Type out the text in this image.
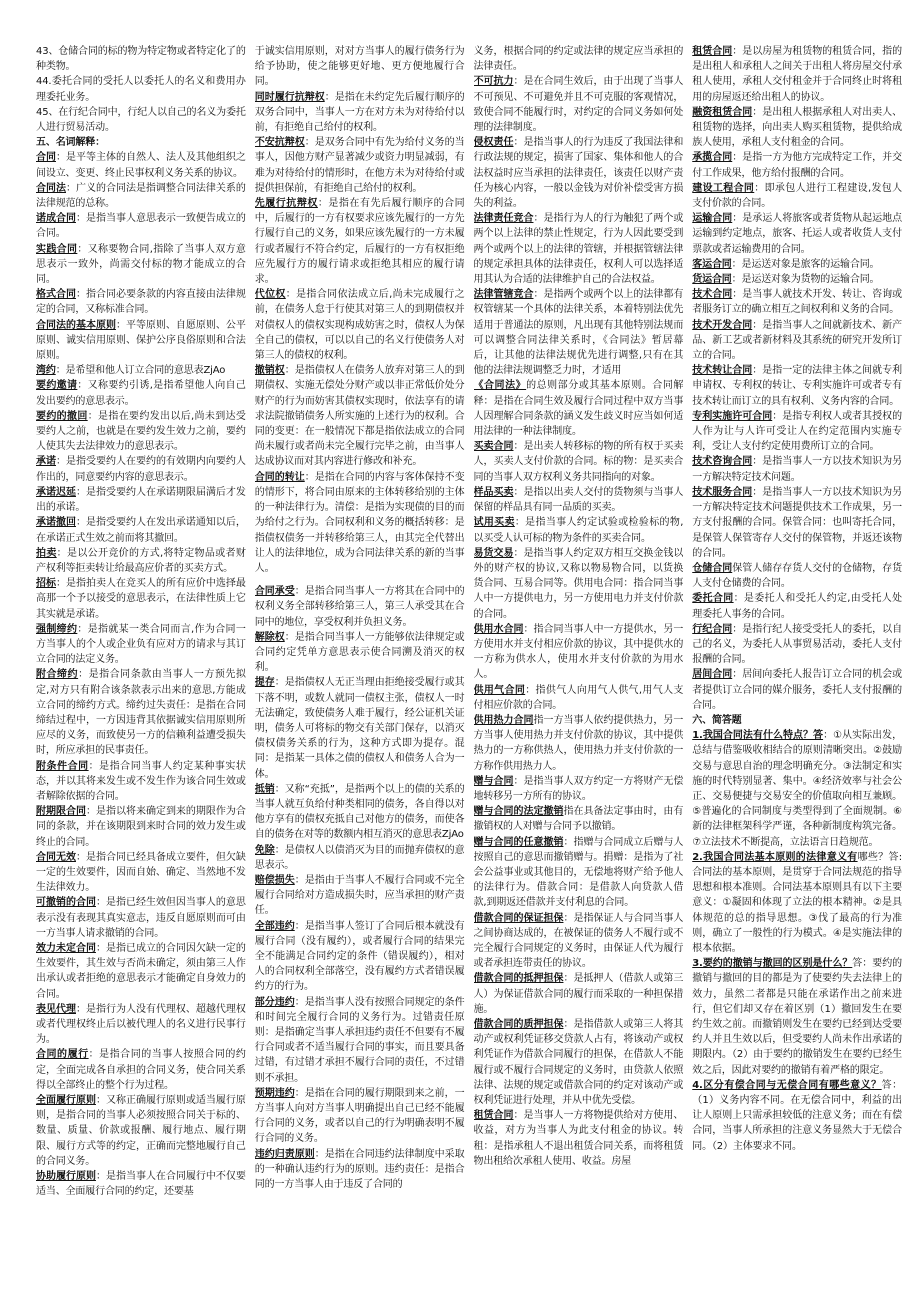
43、仓储合同的标的物为特定物或者特定化了的种类物。

44.委托合同的受托人以委托人的名义和费用办理委托业务。

45、在行纪合同中，行纪人以自己的名义为委托人进行贸易活动。

五、名词解释：

合同：是平等主体的自然人、法人及其他组织之间设立、变更、终止民事权利义务关系的协议。

合同法：广义的合同法是指调整合同法律关系的法律规范的总称。

诺成合同：是指当事人意思表示一致便告成立的合同。

实践合同：又称要物合同,指除了当事人双方意思表示一致外，尚需交付标的物才能成立的合同。

格式合同：指合同必要条款的内容直接由法律规定的合同，又称标准合同。

合同法的基本原则：平等原则、自愿原则、公平原则、诚实信用原则、保护公序良俗原则和合法原则。

湾约：是希望和他人订立合同的意思表ZjAo

要约邀请：又称要约引诱,是指希望他人向自己发出要约的意思表示。

要约的撤回：是指在要约发出以后,尚未到达受要约人之前，也就是在要约发生效力之前，要约人使其失去法律效力的意思表示。

承诺：是指受要约人在要约的有效期内向要约人作出的，同意要约内容的意思表示。

承诺迟延：是指受要约人在承诺期限届满后才发出的承诺。

承诺撤回：是指受要约人在发出承诺通知以后，在承诺正式生效之前而将其撤回。

拍卖：是以公开竞价的方式,将特定物品或者财产权利等拒卖转让给最高应价者的买卖方式。

招标：是指拍卖人在竞买人的所有应价中选择最高那一个予以接受的意思表示，在法律性质上它其实就是承诺。

强制缔约：是指就某一类合同而言,作为合同一方当事人的个人或企业负有应对方的请求与其订立合同的法定义务。

附合缔约：是指合同条款由当事人一方预先拟定,对方只有附合该条款表示出来的意思,方能成立合同的缔约方式。缔约过失责任：是指在合同缔结过程中，一方因违背其依据诚实信用原则所应尽的义务，而致使另一方的信赖利益遭受损失时，所应承担的民事责任。

附条件合同：是指合同当事人约定某种事实状态，并以其将来发生或不发生作为该合同生效或者解除依据的合同。

附期限合同：是指以将来确定到来的期限作为合同的条款，并在该期限到来时合同的效力发生或终止的合同。

合同无效：是指合同已经具备成立要件，但欠缺一定的生效要件，因而自始、确定、当然地不发生法律效力。

可撤销的合同：是指已经生效但因当事人的意思表示没有表现其真实意志，违反自愿原则而可由一方当事人请求撤销的合同。

效力未定合同：是指已成立的合同因欠缺一定的生效要件，其生效与否尚未确定，须由第三人作出承认或者拒绝的意思表示才能确定自身效力的合同。

表见代理：是指行为人没有代理权、超越代理权或者代理权终止后以被代理人的名义进行民事行为。

合同的履行：是指合同的当事人按照合同的约定，全面完成各自承担的合同义务，使合同关系得以全部终止的整个行为过程。

全面履行原则：又称正确履行原则或适当履行原则，是指合同的当事人必须按照合同关于标的、数量、质量、价款或报酬、履行地点、履行期限、履行方式等的约定，正确而完整地履行自己的合同义务。

协助履行原则：是指当事人在合同履行中不仅要适当、全面履行合同的约定，还要基

于诚实信用原则，对对方当事人的履行债务行为给予协助，使之能够更好地、更方便地履行合同。

同时履行抗辩权：是指在未约定先后履行顺序的双务合同中，当事人一方在对方未为对待给付以前，有拒绝自己给付的权利。

不安抗辩权：是双务合同中有先为给付义务的当事人，因他方财产显著减少或资力明显减弱，有难为对待给付的情形时，在他方未为对待给付或提供担保前，有拒绝自己给付的权利。

先履行抗辩权：是指在有先后履行顺序的合同中，后履行的一方有权要求应该先履行的一方先行履行自己的义务，如果应该先履行的一方未履行或者履行不符合约定，后履行的一方有权拒绝应先履行方的履行请求或拒绝其相应的履行请求。

代位权：是指合同依法成立后,尚未完成履行之前，在债务人怠于行使其对第三人的到期债权并对债权人的债权实现构成妨害之时，债权人为保全自己的债权，可以以自己的名义行使债务人对第三人的债权的权利。

撤销权：是指债权人在债务人放弃对第三人的到期债权、实施无偿处分财产或以非正常低价处分财产的行为而妨害其债权实现时，依法享有的请求法院撤销债务人所实施的上述行为的权利。合同的变更：在一般情况下都是指依法成立的合同尚未履行或者尚未完全履行完毕之前，由当事人达成协议而对其内容进行修改和补充。

合同的转让：是指在合同的内容与客体保持不变的情形下，将合同由原来的主体转移给别的主体的一种法律行为。清偿：是指为实现债的目的而为给付之行为。合同权利和义务的概括转移：是指债权债务一并转移给第三人，由其完全代替出让人的法律地位，成为合同法律关系的新的当事人。

合同承受：是指合同当事人一方将其在合同中的权利义务全部转移给第三人，第三人承受其在合同中的地位，享受权利并负担义务。

解除权：是指合同当事人一方能够依法律规定或合同约定凭单方意思表示使合同溯及消灭的权利。

提存：是指债权人无正当理由拒绝接受履行或其下落不明，或数人就同一债权主张，债权人一时无法确定，致使债务人难于履行，经公证机关证明，债务人可将标的物交有关部门保存，以消灭债权债务关系的行为，这种方式即为提存。混同：是指某一具体之债的债权人和债务人合为一体。

抵销：又称“充抵”，是指两个以上的债的关系的当事人就互负给付种类相同的债务，各自得以对他方享有的债权充抵自己对他方的债务，而使各自的债务在对等的数额内相互消灭的意思表ZjAo

免除：是债权人以债消灭为目的而抛弃债权的意思表示。

赔偿损失：是指由于当事人不履行合同或不完全履行合同给对方造成损失时，应当承担的财产责任。

全部违约：是指当事人签订了合同后根本就没有履行合同（没有履约），或者履行合同的结果完全不能满足合同约定的条件（错误履约），相对人的合同权利全部落空，没有履约方式者错误履约方的行为。

部分违约：是指当事人没有按照合同规定的条件和时间完全履行合同的义务行为。过错责任原则：是指确定当事人承担违约责任不但要有不履行合同或者不适当履行合同的事实，而且要具备过错，有过错才承担不履行合同的责任，不过错则不承担。

预期违约：是指在合同的履行期限到来之前，一方当事人向对方当事人明确提出自己已经不能履行合同的义务，或者以自己的行为明确表明不履行合同的义务。

违约归责原则：是指在合同违约法律制度中采取的一种确认违约行为的原则。违约责任：是指合同的一方当事人由于违反了合同的

义务，根据合同的约定或法律的规定应当承担的法律责任。

不可抗力：是在合同生效后，由于出现了当事人不可预见、不可避免并且不可克服的客观情况，致使合同不能履行时，对约定的合同义务如何处理的法律制度。

侵权责任：是指当事人的行为违反了我国法律和行政法规的规定，损害了国家、集体和他人的合法权益时应当承担的法律责任，该责任以财产责任为核心内容，一般以金钱为对价补偿受害方损失的利益。

法律责任竞合：是指行为人的行为触犯了两个或两个以上法律的禁止性规定，行为人因此要受到两个或两个以上的法律的管辖，并根据管辖法律的规定承担具体的法律责任，权利人可以选择适用其认为合适的法律维护自己的合法权益。

法律管辖竞合：是指两个或两个以上的法律都有权管辖某一个具体的法律关系，本着特别法优先适用于普通法的原则，凡出现有其他特别法规而可以调整合同法律关系时，《合同法》暂居幕后，让其他的法律法规优先进行调整,只有在其他的法律法规调整乏力时，才适用

《合同法》的总则部分或其基本原则。合同解释：是指在合同生效及履行合同过程中双方当事人因理解合同条款的涵义发生歧义时应当如何适用法律的一种法律制度。

买卖合同：是出卖人转移标的物的所有权于买卖人，买卖人支付价款的合同。标的物：是买卖合同的当事人双方权利义务共同指向的对象。

样品买卖：是指以出卖人交付的货物须与当事人保留的样品具有同一品质的买卖。

试用买卖：是指当事人约定试验或检验标的物,以买受人认可标的物为条件的买卖合同。

易货交易：是指当事人约定双方相互交换金钱以外的财产权的协议,又称以物易物合同，以货换货合同、互易合同等。供用电合同：指合同当事人中一方提供电力，另一方使用电力并支付价款的合同。

供用水合同：指合同当事人中一方提供水，另一方使用水并支付相应价款的协议，其中提供水的一方称为供水人，使用水并支付价款的为用水人。

供用气合同：指供气人向用气人供气,用气人支付相应价款的合同。

供用热力合同指一方当事人依约提供热力，另一方当事人使用热力并支付价款的协议，其中提供热力的一方称供热人，使用热力并支付价款的一方称作供用热力人。

赠与合同：是指当事人双方约定一方将财产无偿地转移另一方所有的协议。

赠与合同的法定撤销指在具备法定事由时，由有撤销权的人对赠与合同予以撤销。

赠与合同的任意撤销：指赠与合同成立后赠与人按照自己的意思而撤销赠与。捐赠：是指为了社会公益事业或其他目的，无偿地将财产给予他人的法律行为。借款合同：是借款人向贷款人借款,到期返还借款并支付利息的合同。

借款合同的保证担保：是指保证人与合同当事人之间协商达成的，在被保证的债务人不履行或不完全履行合同规定的义务时，由保证人代为履行或者承担连带责任的协议。

借款合同的抵押担保：是抵押人（借款人或第三人）为保证借款合同的履行而采取的一种担保措施。

借款合同的质押担保：是指借款人或第三人将其动产或权利凭证移交贷款人占有，将该动产或权利凭证作为借款合同履行的担保，在借款人不能履行或不履行合同规定的义务时，由贷款人依照法律、法规的规定或借款合同的约定对该动产或权利凭证进行处理，并从中优先受偿。

租赁合同：是当事人一方将物提供给对方使用、收益，对方为当事人为此支付租金的协议。转租：是指承租人不退出租赁合同关系，而将租赁物出租给次承租人使用、收益。房屋

租赁合同：是以房屋为租赁物的租赁合同，指的是出租人和承租人之间关于出租人将房屋交付承租人使用，承租人交付租金并于合同终止时将租用的房屋返还给出租人的协议。

融资租赁合同：是出租人根据承租人对出卖人、租赁物的选择，向出卖人购买租赁物，提供给成族人使用，承租人支付租金的合同。

承揽合同：是指一方为他方完成特定工作，并交付工作成果，他方给付报酬的合同。

建设工程合同：即承包人进行工程建设,发包人支付价款的合同。

运输合同：是承运人将旅客或者货物从起运地点运输到约定地点，旅客、托运人或者收货人支付票款或者运输费用的合同。

客运合同：是运送对象是旅客的运输合同。

货运合同：是运送对象为货物的运输合同。

技术合同：是当事人就技术开发、转让、咨询或者服务订立的确立相互之间权利和义务的合同。

技术开发合同：是指当事人之间就新技术、新产品、新工艺或者新材料及其系统的研究开发所订立的合同。

技术转让合同：是指一定的法律主体之间就专利申请权、专利权的转让、专利实施许可或者专有技术转让而订立的具有权利、义务内容的合同。

专利实施许可合同：是指专利权人或者其授权的人作为让与人许可受让人在约定范围内实施专利，受让人支付约定使用费所订立的合同。

技术咨询合同：是指当事人一方以技术知识为另一方解决特定技术问题。

技术服务合同：是指当事人一方以技术知识为另一方解决特定技术问题提供技术工作成果，另一方支付报酬的合同。保管合同：也叫寄托合同，是保管人保管寄存人交付的保管物，并返还该物的合同。

仓储合同保管人储存存货人交付的仓储物，存货人支付仓储费的合同。

委托合同：是委托人和受托人约定,由受托人处理委托人事务的合同。

行纪合同：是指行纪人接受受托人的委托，以自己的名义，为委托人从事贸易活动，委托人支付报酬的合同。

居间合同：居间向委托人报告订立合同的机会或者提供订立合同的媒介服务，委托人支付报酬的合同。

六、简答题

1.我国合同法有什么特点？答：①从实际出发，总结与借鉴吸收相结合的原则清晰突出。②鼓励交易与意思自治的理念明确充分。③法制定和实施的时代特别显著、集中。④经济效率与社会公正、交易便捷与交易安全的价值取向相互兼顾。⑤普遍化的合同制度与类型得到了全面规制。⑥新的法律框架科学严谨，各种新制度构筑完备。⑦立法技术不断提高，立法语言日趋规范。

2.我国合同法基本原则的法律意义有哪些？答:合同法的基本原则，是贯穿于合同法规范的指导思想和根本准则。合同法基本原则具有以下主要意义：①凝固和体现了立法的根本精神。②是具体规范的总的指导思想。③伐了最高的行为准则，确立了一般性的行为模式。④是实施法律的根本依据。

3.要约的撤销与撤回的区别是什么？答：要约的撤销与撤回的目的都是为了使要约失去法律上的效力，虽然二者都是只能在承诺作出之前来进行，但它们却又存在着区别（1）撤回发生在要约生效之前。而撤销则发生在要约已经到达受要约人并且生效以后，但受要约人尚未作出承诺的期限内。（2）由于要约的撤销发生在要约已经生效之后，因此对要约的撤销有着严格的限定。

4.区分有偿合同与无偿合同有哪些意义？答：（1）义务内容不同。在无偿合同中，利益的出让人原则上只需承担较低的注意义务；而在有偿合同，当事人所承担的注意义务显然大于无偿合同。（2）主体要求不同。
